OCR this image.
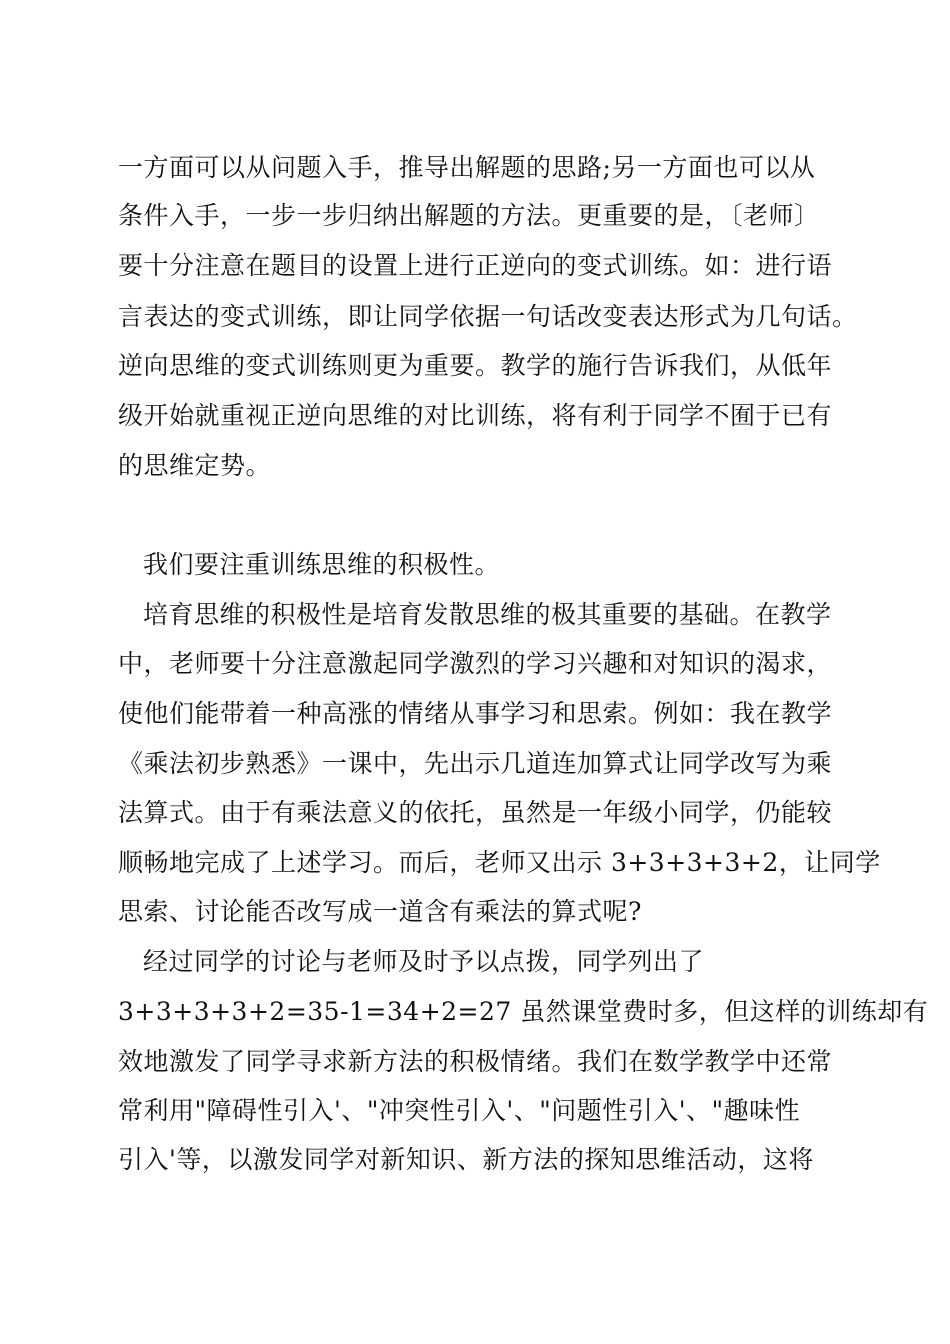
一方面可以从问题入手，推导出解题的思路;另一方面也可以从
条件入手，一步一步归纳出解题的方法。更重要的是，〔老师〕
要十分注意在题目的设置上进行正逆向的变式训练。如：进行语
言表达的变式训练，即让同学依据一句话改变表达形式为几句话。
逆向思维的变式训练则更为重要。教学的施行告诉我们，从低年
级开始就重视正逆向思维的对比训练，将有利于同学不囿于已有
的思维定势。
我们要注重训练思维的积极性。
培育思维的积极性是培育发散思维的极其重要的基础。在教学
中，老师要十分注意激起同学激烈的学习兴趣和对知识的渴求，
使他们能带着一种高涨的情绪从事学习和思索。例如：我在教学
《乘法初步熟悉》一课中，先出示几道连加算式让同学改写为乘
法算式。由于有乘法意义的依托，虽然是一年级小同学，仍能较
顺畅地完成了上述学习。而后，老师又出示 3+3+3+3+2，让同学
思索、讨论能否改写成一道含有乘法的算式呢?
经过同学的讨论与老师及时予以点拨，同学列出了
3+3+3+3+2=35-1=34+2=27 虽然课堂费时多，但这样的训练却有
效地激发了同学寻求新方法的积极情绪。我们在数学教学中还常
常利用"障碍性引入'、"冲突性引入'、"问题性引入'、"趣味性
引入'等，以激发同学对新知识、新方法的探知思维活动，这将
